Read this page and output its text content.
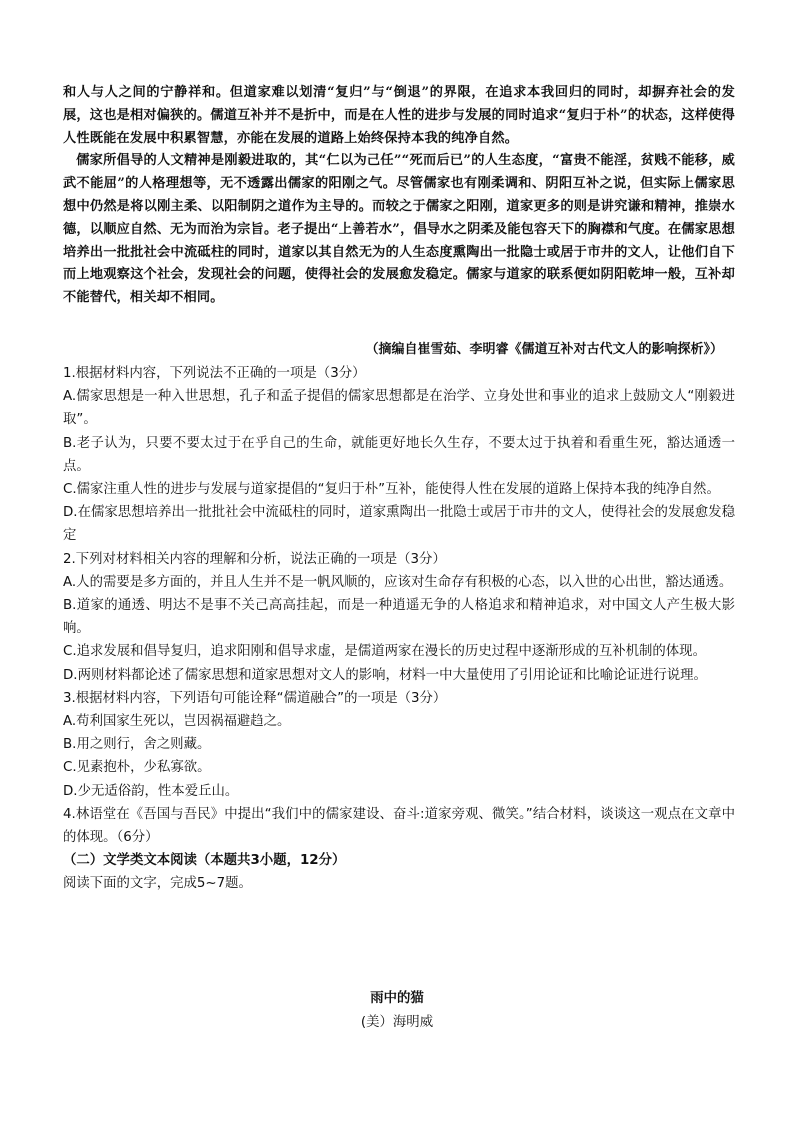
和人与人之间的宁静祥和。但道家难以划清“复归”与“倒退”的界限，在追求本我回归的同时，却摒弃社会的发展，这也是相对偏狭的。儒道互补并不是折中，而是在人性的进步与发展的同时追求“复归于朴”的状态，这样使得人性既能在发展中积累智慧，亦能在发展的道路上始终保持本我的纯净自然。

儒家所倡导的人文精神是刚毅进取的，其“仁以为己任”“死而后已”的人生态度，“富贵不能淫，贫贱不能移，威武不能屈”的人格理想等，无不透露出儒家的阳刚之气。尽管儒家也有刚柔调和、阴阳互补之说，但实际上儒家思想中仍然是将以刚主柔、以阳制阴之道作为主导的。而较之于儒家之阳刚，道家更多的则是讲究谦和精神，推崇水德，以顺应自然、无为而治为宗旨。老子提出“上善若水”，倡导水之阴柔及能包容天下的胸襟和气度。在儒家思想培养出一批批社会中流砥柱的同时，道家以其自然无为的人生态度熏陶出一批隐士或居于市井的文人，让他们自下而上地观察这个社会，发现社会的问题，使得社会的发展愈发稳定。儒家与道家的联系便如阴阳乾坤一般，互补却不能替代，相关却不相同。

（摘编自崔雪茹、李明睿《儒道互补对古代文人的影响探析》）

1.根据材料内容，下列说法不正确的一项是（3分）

A.儒家思想是一种入世思想，孔子和孟子提倡的儒家思想都是在治学、立身处世和事业的追求上鼓励文人“刚毅进取”。

B.老子认为，只要不要太过于在乎自己的生命，就能更好地长久生存，不要太过于执着和看重生死，豁达通透一点。

C.儒家注重人性的进步与发展与道家提倡的“复归于朴”互补，能使得人性在发展的道路上保持本我的纯净自然。

D.在儒家思想培养出一批批社会中流砥柱的同时，道家熏陶出一批隐士或居于市井的文人，使得社会的发展愈发稳定

2.下列对材料相关内容的理解和分析，说法正确的一项是（3分）

A.人的需要是多方面的，并且人生并不是一帆风顺的，应该对生命存有积极的心态，以入世的心出世，豁达通透。

B.道家的通透、明达不是事不关己高高挂起，而是一种逍遥无争的人格追求和精神追求，对中国文人产生极大影响。

C.追求发展和倡导复归，追求阳刚和倡导求虚，是儒道两家在漫长的历史过程中逐渐形成的互补机制的体现。

D.两则材料都论述了儒家思想和道家思想对文人的影响，材料一中大量使用了引用论证和比喻论证进行说理。

3.根据材料内容，下列语句可能诠释“儒道融合”的一项是（3分）

A.苟利国家生死以，岂因祸福避趋之。

B.用之则行，舍之则藏。

C.见素抱朴，少私寡欲。

D.少无适俗韵，性本爱丘山。

4.林语堂在《吾国与吾民》中提出“我们中的儒家建设、奋斗:道家旁观、微笑。”结合材料，谈谈这一观点在文章中的体现。（6分）

（二）文学类文本阅读（本题共3小题，12分）

阅读下面的文字，完成5~7题。

雨中的猫
(美）海明威
